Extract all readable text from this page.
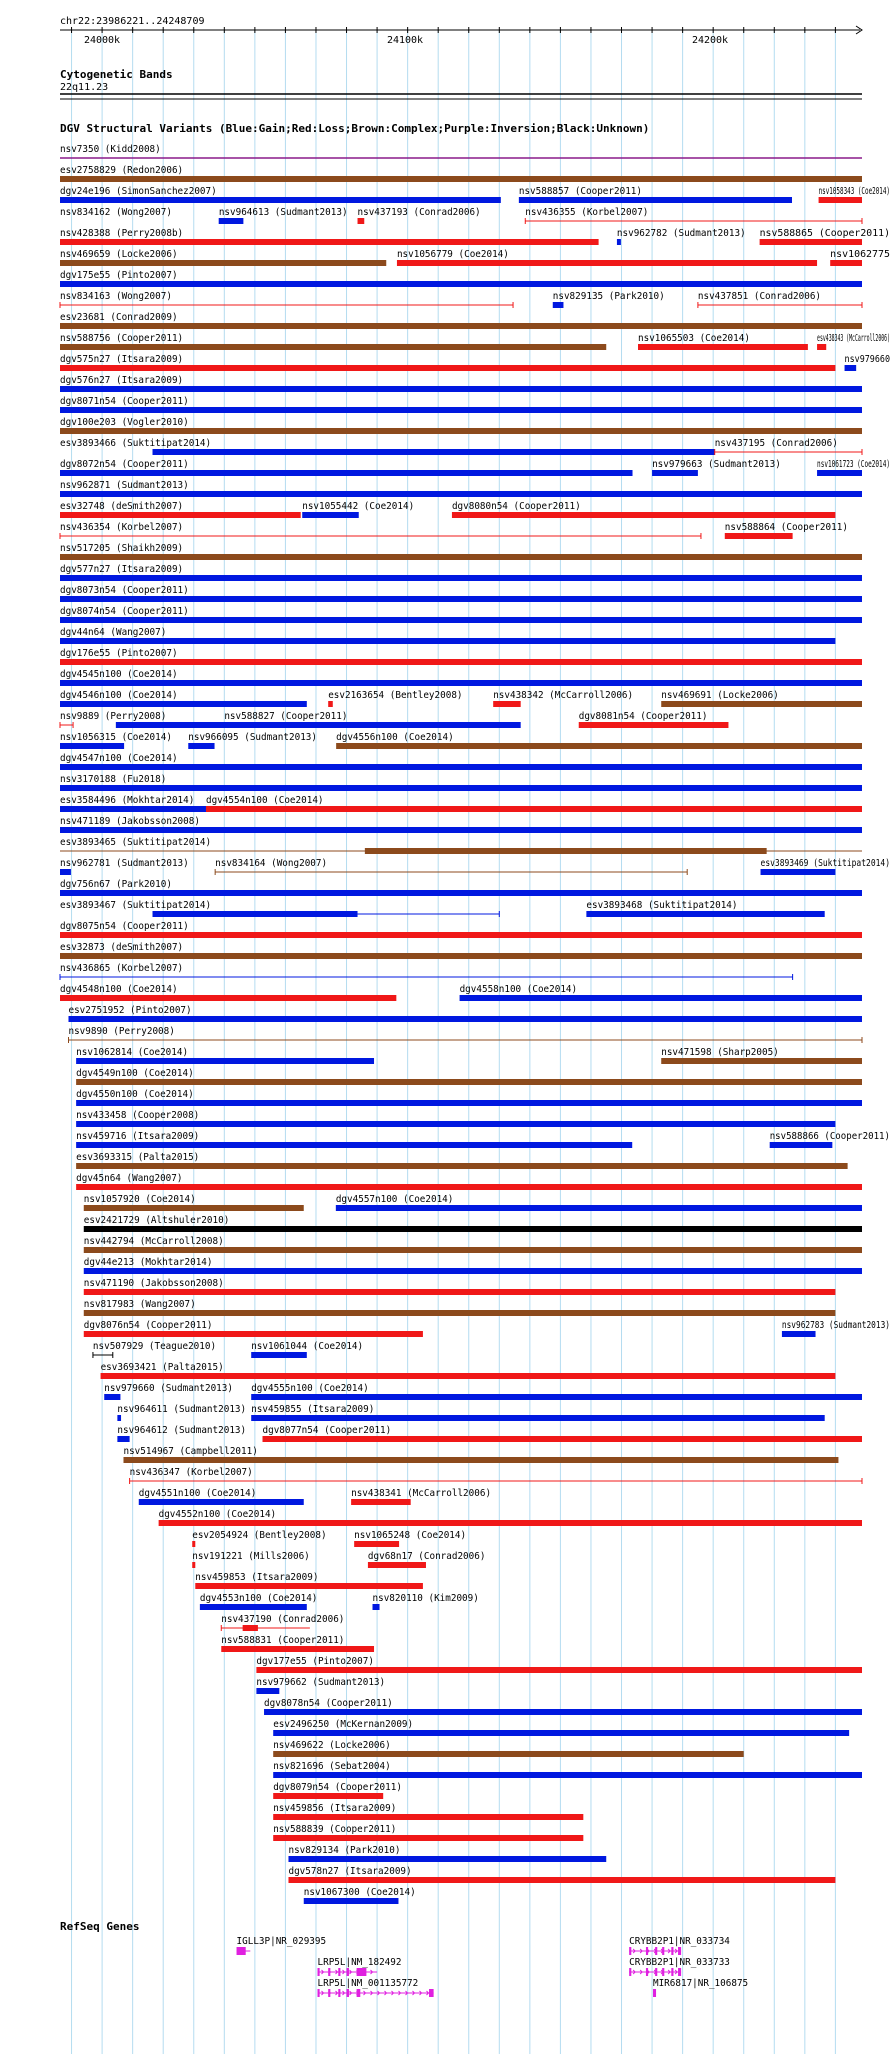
chr22:23986221..24248709
24000k	24100k	24200k
Cytogenetic Bands
22q11.23
DGV Structural Variants (Blue:Gain;Red:Loss;Brown:Complex;Purple:Inversion;Black:Unknown)
nsv7350 (Kidd2008)
esv2758829 (Redon2006)
dgv24e196 (SimonSanchez2007)	nsv588857 (Cooper2011)	nsv1058343 (Coe2014)
nsv834162 (Wong2007)	nsv964613 (Sudmant2013) nsv437193 (Conrad2006)	nsv436355 (Korbel2007)
nsv428388 (Perry2008b)	nsv962782 (Sudmant2013) nsv588865 (Cooper2011)
nsv469659 (Locke2006)	nsv1056779 (Coe2014)	nsv1062775
dgv175e55 (Pinto2007)
nsv834163 (Wong2007)	nsv829135 (Park2010)	nsv437851 (Conrad2006)
esv23681 (Conrad2009)
nsv588756 (Cooper2011)	nsv1065503 (Coe2014)	esv438343 (McCarroll2006)
dgv575n27 (Itsara2009)	nsv979660
dgv576n27 (Itsara2009)
dgv8071n54 (Cooper2011)
dgv100e203 (Vogler2010)
esv3893466 (Suktitipat2014)	nsv437195 (Conrad2006)
dgv8072n54 (Cooper2011)	nsv979663 (Sudmant2013)	nsv1061723 (Coe2014)
nsv962871 (Sudmant2013)
esv32748 (deSmith2007)	nsv1055442 (Coe2014)	dgv8080n54 (Cooper2011)
nsv436354 (Korbel2007)	nsv588864 (Cooper2011)
nsv517205 (Shaikh2009)
dgv577n27 (Itsara2009)
dgv8073n54 (Cooper2011)
dgv8074n54 (Cooper2011)
dgv44n64 (Wang2007)
dgv176e55 (Pinto2007)
dgv4545n100 (Coe2014)
dgv4546n100 (Coe2014)	esv2163654 (Bentley2008)	nsv438342 (McCarroll2006)	nsv469691 (Locke2006)
nsv9889 (Perry2008)	nsv588827 (Cooper2011)	dgv8081n54 (Cooper2011)
nsv1056315 (Coe2014) nsv966095 (Sudmant2013) dgv4556n100 (Coe2014)
dgv4547n100 (Coe2014)
nsv3170188 (Fu2018)
esv3584496 (Mokhtar2014) dgv4554n100 (Coe2014)
nsv471189 (Jakobsson2008)
esv3893465 (Suktitipat2014)
nsv962781 (Sudmant2013)	nsv834164 (Wong2007)	esv3893469 (Suktitipat2014)
dgv756n67 (Park2010)
esv3893467 (Suktitipat2014)	esv3893468 (Suktitipat2014)
dgv8075n54 (Cooper2011)
esv32873 (deSmith2007)
nsv436865 (Korbel2007)
dgv4548n100 (Coe2014)	dgv4558n100 (Coe2014)
esv2751952 (Pinto2007)
nsv9890 (Perry2008)
nsv1062814 (Coe2014)	nsv471598 (Sharp2005)
dgv4549n100 (Coe2014)
dgv4550n100 (Coe2014)
nsv433458 (Cooper2008)
nsv459716 (Itsara2009)	nsv588866 (Cooper2011)
esv3693315 (Palta2015)
dgv45n64 (Wang2007)
nsv1057920 (Coe2014)	dgv4557n100 (Coe2014)
esv2421729 (Altshuler2010)
nsv442794 (McCarroll2008)
dgv44e213 (Mokhtar2014)
nsv471190 (Jakobsson2008)
nsv817983 (Wang2007)
dgv8076n54 (Cooper2011)	nsv962783 (Sudmant2013)
nsv507929 (Teague2010)	nsv1061044 (Coe2014)
esv3693421 (Palta2015)
nsv979660 (Sudmant2013) dgv4555n100 (Coe2014)
nsv964611 (Sudmant2013) nsv459855 (Itsara2009)
nsv964612 (Sudmant2013) dgv8077n54 (Cooper2011)
nsv514967 (Campbell2011)
nsv436347 (Korbel2007)
dgv4551n100 (Coe2014)	nsv438341 (McCarroll2006)
dgv4552n100 (Coe2014)
esv2054924 (Bentley2008)	nsv1065248 (Coe2014)
nsv191221 (Mills2006)	dgv68n17 (Conrad2006)
nsv459853 (Itsara2009)
dgv4553n100 (Coe2014)	nsv820110 (Kim2009)
nsv437190 (Conrad2006)
nsv588831 (Cooper2011)
dgv177e55 (Pinto2007)
nsv979662 (Sudmant2013)
dgv8078n54 (Cooper2011)
esv2496250 (McKernan2009)
nsv469622 (Locke2006)
nsv821696 (Sebat2004)
dgv8079n54 (Cooper2011)
nsv459856 (Itsara2009)
nsv588839 (Cooper2011)
nsv829134 (Park2010)
dgv578n27 (Itsara2009)
nsv1067300 (Coe2014)
RefSeq Genes
IGLL3P|NR_029395
LRP5L|NM_182492
LRP5L|NM_001135772
CRYBB2P1|NR_033734
CRYBB2P1|NR_033733
MIR6817|NR_106875
